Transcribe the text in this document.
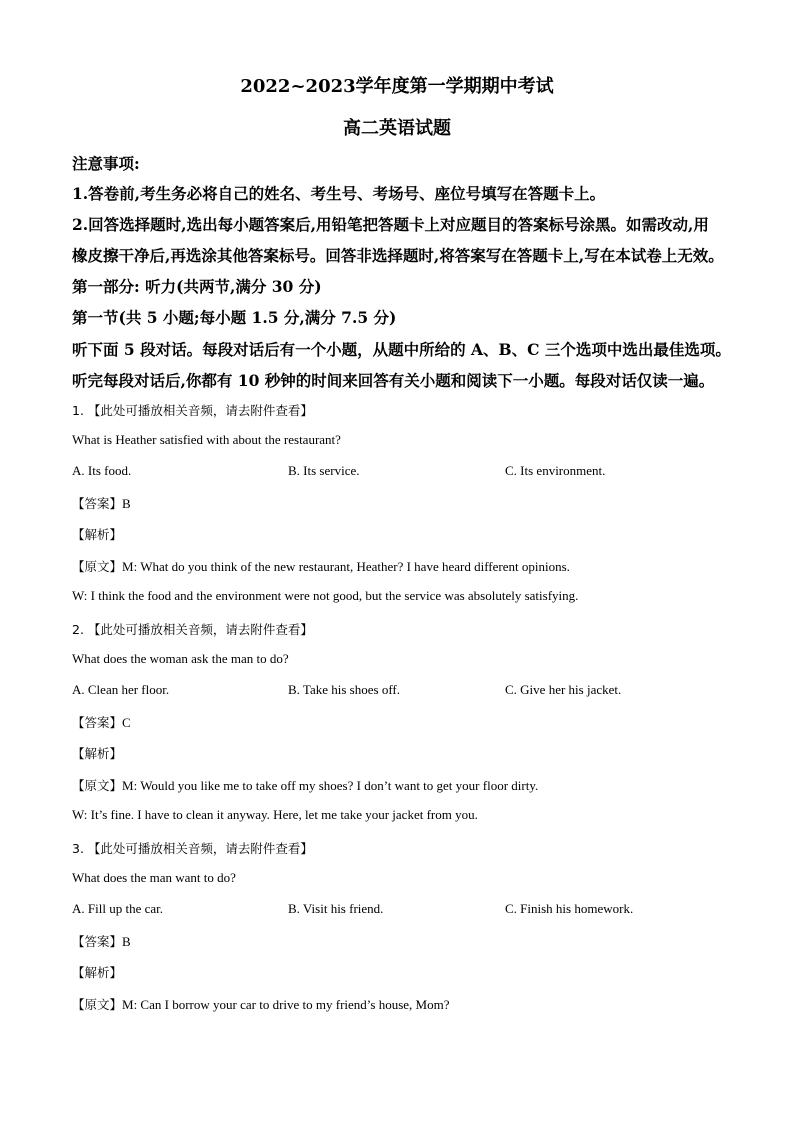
2022~2023学年度第一学期期中考试
高二英语试题
注意事项:
1.答卷前,考生务必将自己的姓名、考生号、考场号、座位号填写在答题卡上。
2.回答选择题时,选出每小题答案后,用铅笔把答题卡上对应题目的答案标号涂黑。如需改动,用
橡皮擦干净后,再选涂其他答案标号。回答非选择题时,将答案写在答题卡上,写在本试卷上无效。
第一部分: 听力(共两节,满分 30 分)
第一节(共 5 小题;每小题 1.5 分,满分 7.5 分)
听下面 5 段对话。每段对话后有一个小题，从题中所给的 A、B、C 三个选项中选出最佳选项。
听完每段对话后,你都有 10 秒钟的时间来回答有关小题和阅读下一小题。每段对话仅读一遍。
1. 【此处可播放相关音频，请去附件查看】
What is Heather satisfied with about the restaurant?
A. Its food.	B. Its service.	C. Its environment.
【答案】B
【解析】
【原文】M: What do you think of the new restaurant, Heather? I have heard different opinions.
W: I think the food and the environment were not good, but the service was absolutely satisfying.
2. 【此处可播放相关音频，请去附件查看】
What does the woman ask the man to do?
A. Clean her floor.	B. Take his shoes off.	C. Give her his jacket.
【答案】C
【解析】
【原文】M: Would you like me to take off my shoes? I don’t want to get your floor dirty.
W: It’s fine. I have to clean it anyway. Here, let me take your jacket from you.
3. 【此处可播放相关音频，请去附件查看】
What does the man want to do?
A. Fill up the car.	B. Visit his friend.	C. Finish his homework.
【答案】B
【解析】
【原文】M: Can I borrow your car to drive to my friend’s house, Mom?
